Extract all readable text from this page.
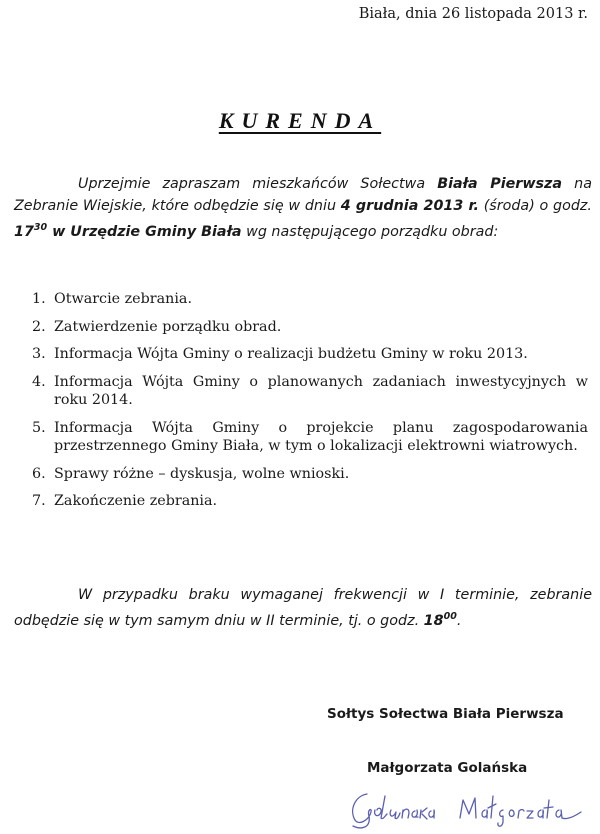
Biała, dnia 26 listopada 2013 r.
KURENDA
Uprzejmie zapraszam mieszkańców Sołectwa Biała Pierwsza na Zebranie Wiejskie, które odbędzie się w dniu 4 grudnia 2013 r. (środa) o godz. $17^{30}$ w Urzędzie Gminy Biała wg następującego porządku obrad:
1. Otwarcie zebrania.
2. Zatwierdzenie porządku obrad.
3. Informacja Wójta Gminy o realizacji budżetu Gminy w roku 2013.
4. Informacja Wójta Gminy o planowanych zadaniach inwestycyjnych w roku 2014.
5. Informacja Wójta Gminy o projekcie planu zagospodarowania przestrzennego Gminy Biała, w tym o lokalizacji elektrowni wiatrowych.
6. Sprawy różne – dyskusja, wolne wnioski.
7. Zakończenie zebrania.
W przypadku braku wymaganej frekwencji w I terminie, zebranie odbędzie się w tym samym dniu w II terminie, tj. o godz. $18^{00}$.
Sołtys Sołectwa Biała Pierwsza
Małgorzata Golańska
